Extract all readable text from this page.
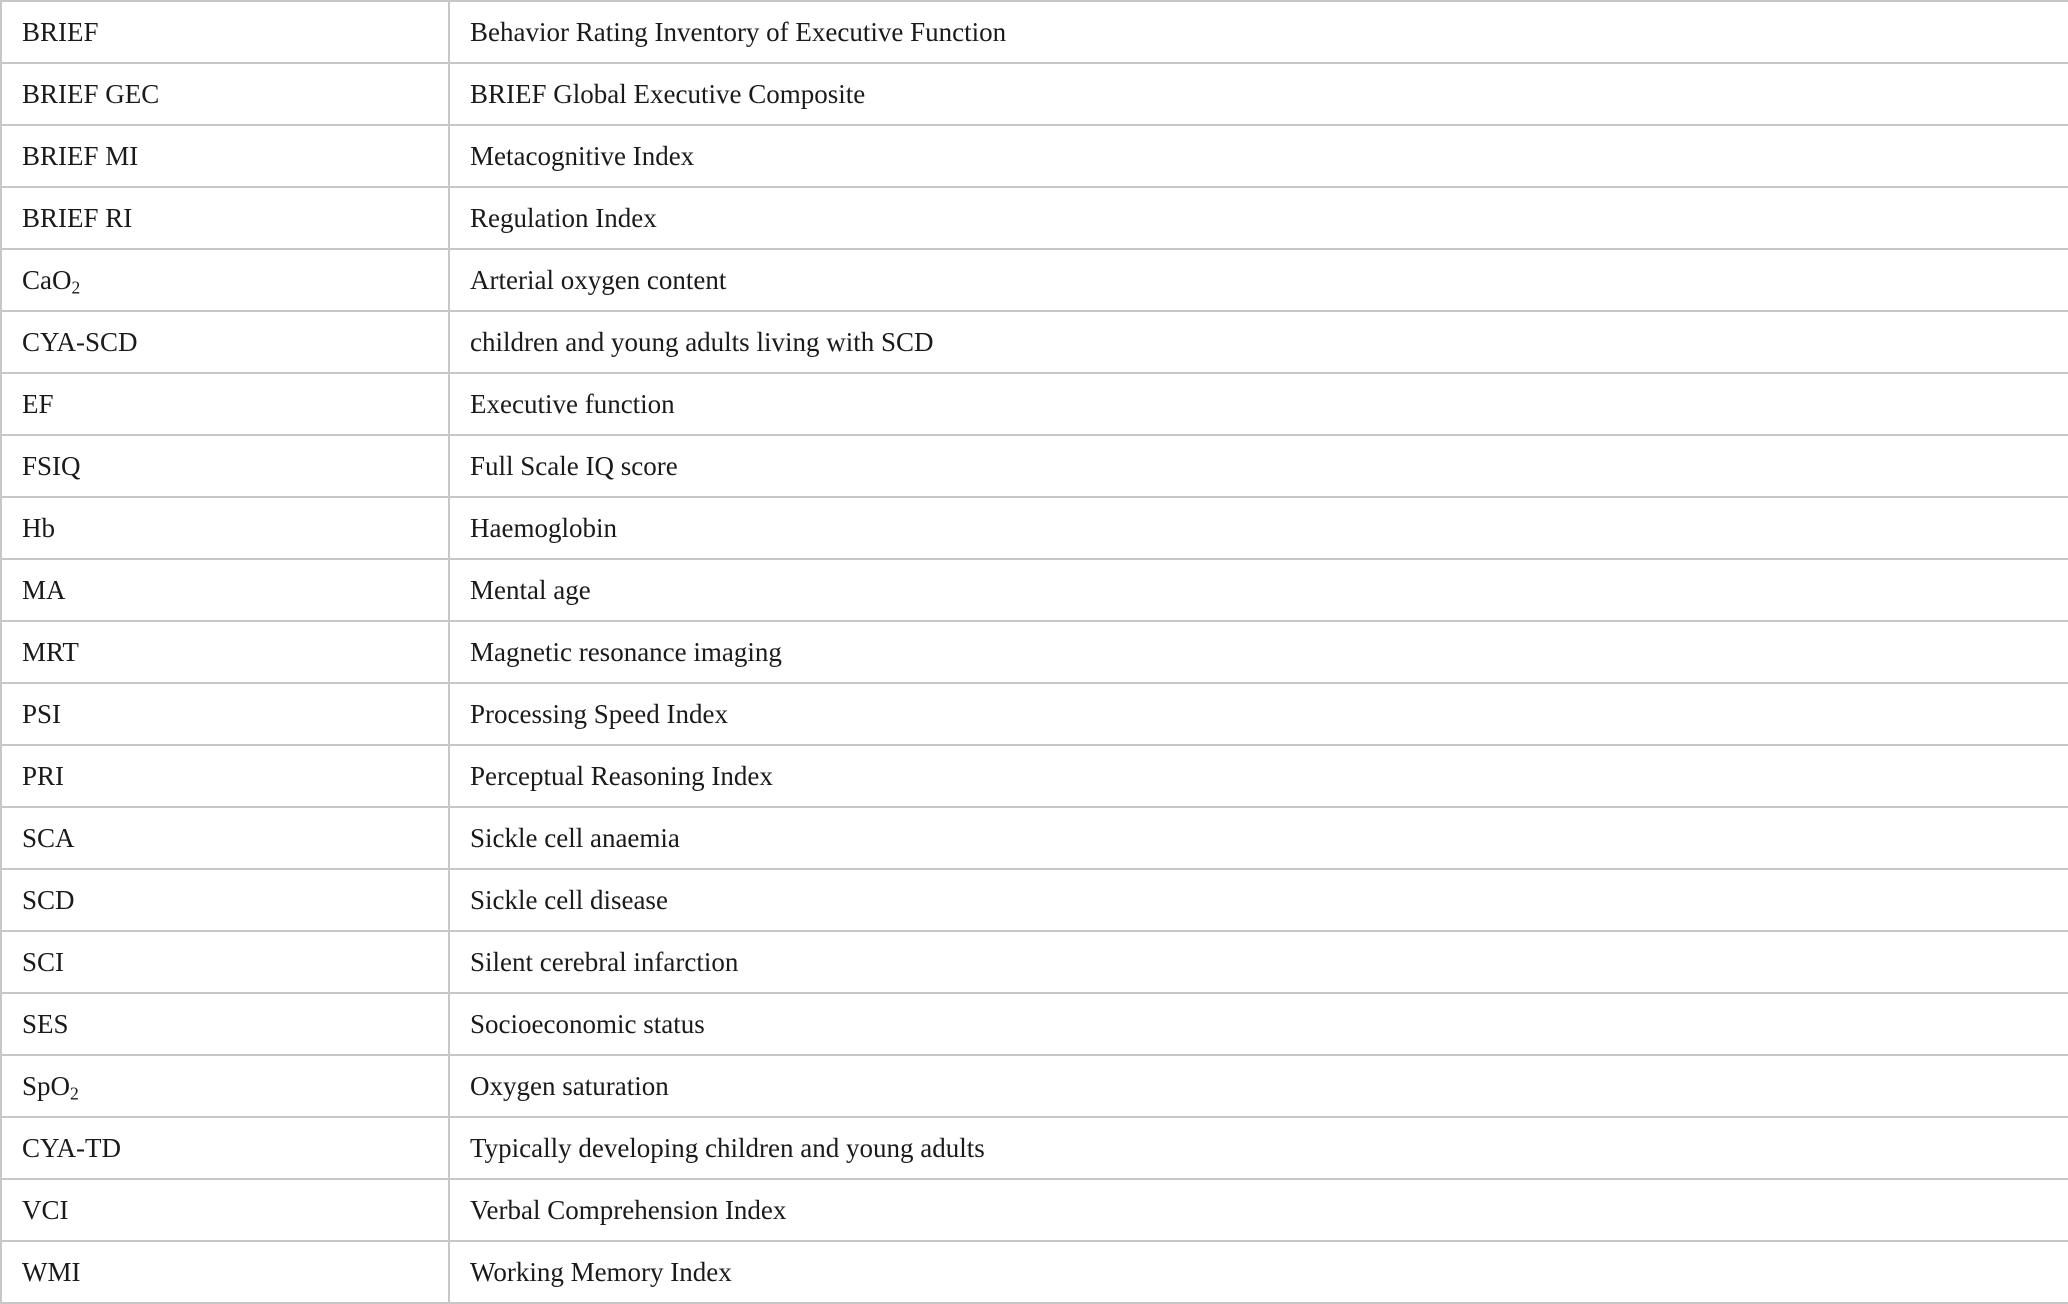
BRIEF	Behavior Rating Inventory of Executive Function
BRIEF GEC	BRIEF Global Executive Composite
BRIEF MI	Metacognitive Index
BRIEF RI	Regulation Index
CaO$_2$	Arterial oxygen content
CYA-SCD	children and young adults living with SCD
EF	Executive function
FSIQ	Full Scale IQ score
Hb	Haemoglobin
MA	Mental age
MRT	Magnetic resonance imaging
PSI	Processing Speed Index
PRI	Perceptual Reasoning Index
SCA	Sickle cell anaemia
SCD	Sickle cell disease
SCI	Silent cerebral infarction
SES	Socioeconomic status
SpO$_2$	Oxygen saturation
CYA-TD	Typically developing children and young adults
VCI	Verbal Comprehension Index
WMI	Working Memory Index
